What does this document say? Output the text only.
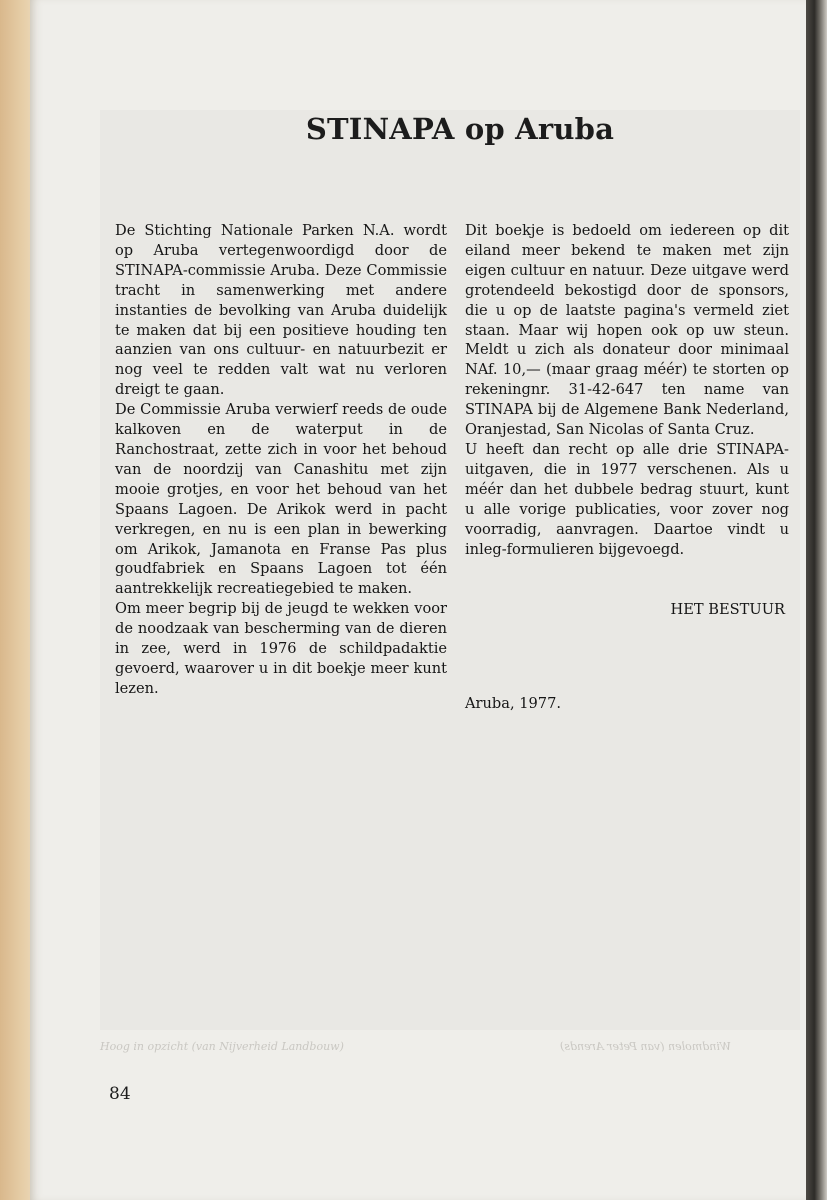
STINAPA op Aruba

De Stichting Nationale Parken N.A. wordt op Aruba vertegenwoordigd door de STINAPA-commissie Aruba. Deze Commissie tracht in samenwerking met andere instanties de bevolking van Aruba duidelijk te maken dat bij een positieve houding ten aanzien van ons cultuur- en natuurbezit er nog veel te redden valt wat nu verloren dreigt te gaan.

De Commissie Aruba verwierf reeds de oude kalkoven en de waterput in de Ranchostraat, zette zich in voor het behoud van de noordzij van Canashitu met zijn mooie grotjes, en voor het behoud van het Spaans Lagoen. De Arikok werd in pacht verkregen, en nu is een plan in bewerking om Arikok, Jamanota en Franse Pas plus goudfabriek en Spaans Lagoen tot één aantrekkelijk recreatiegebied te maken.

Om meer begrip bij de jeugd te wekken voor de noodzaak van bescherming van de dieren in zee, werd in 1976 de schildpadaktie gevoerd, waarover u in dit boekje meer kunt lezen.

Dit boekje is bedoeld om iedereen op dit eiland meer bekend te maken met zijn eigen cultuur en natuur. Deze uitgave werd grotendeeld bekostigd door de sponsors, die u op de laatste pagina's vermeld ziet staan. Maar wij hopen ook op uw steun. Meldt u zich als donateur door minimaal NAf. 10,— (maar graag méér) te storten op rekeningnr. 31-42-647 ten name van STINAPA bij de Algemene Bank Nederland, Oranjestad, San Nicolas of Santa Cruz.

U heeft dan recht op alle drie STINAPA-uitgaven, die in 1977 verschenen. Als u méér dan het dubbele bedrag stuurt, kunt u alle vorige publicaties, voor zover nog voorradig, aanvragen. Daartoe vindt u inleg-formulieren bijgevoegd.

HET BESTUUR
Aruba, 1977.
Hoog in opzicht (van Nijverheid Landbouw)	Windmolen (van Peter Arends)
84
